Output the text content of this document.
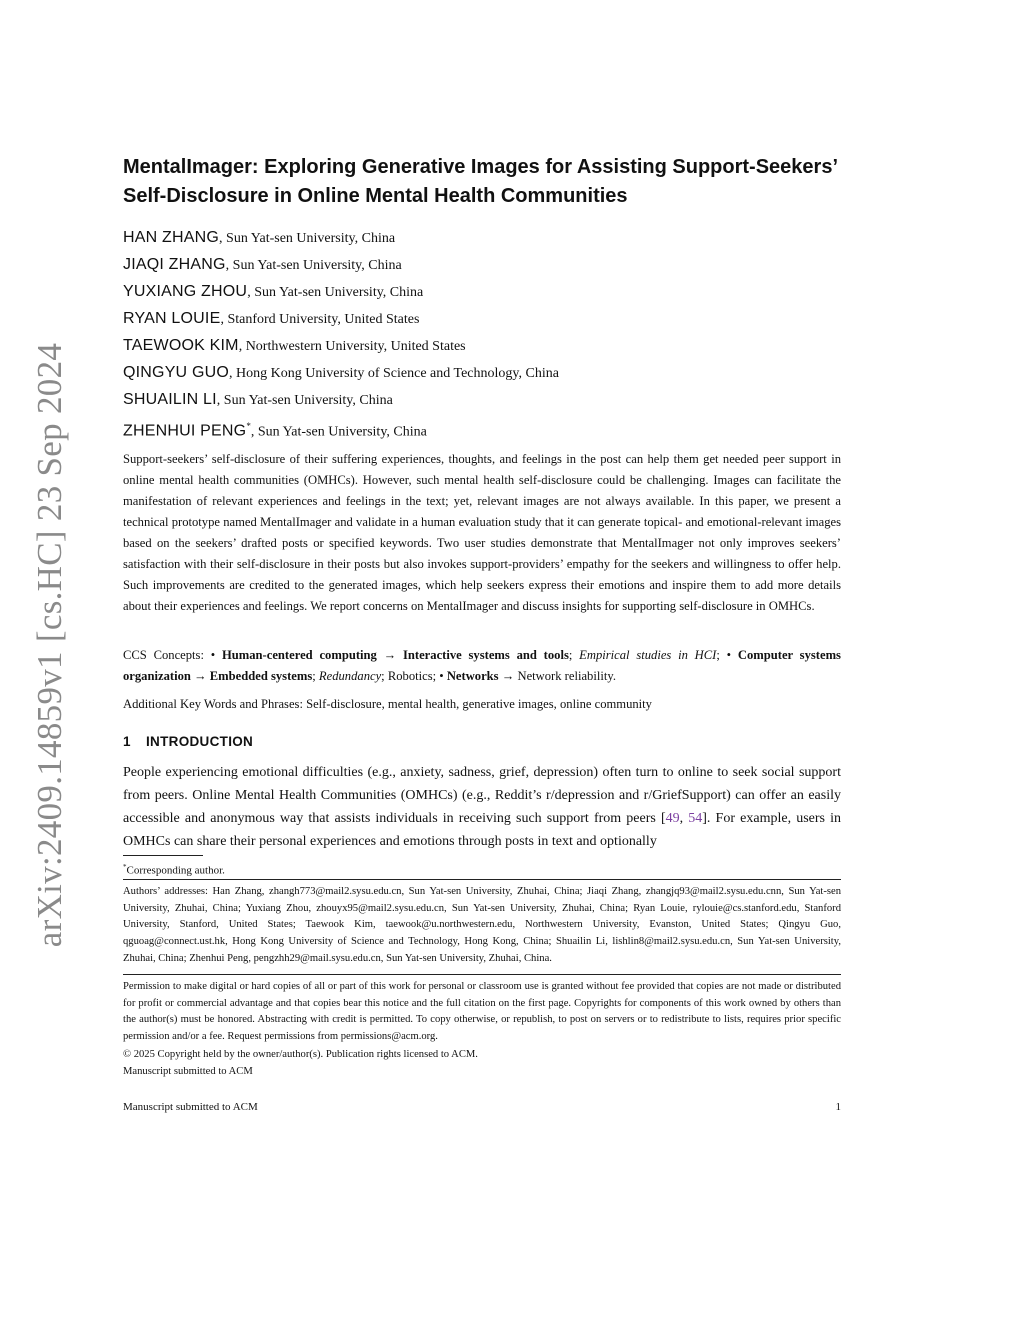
arXiv:2409.14859v1 [cs.HC] 23 Sep 2024
MentalImager: Exploring Generative Images for Assisting Support-Seekers’
Self-Disclosure in Online Mental Health Communities
HAN ZHANG, Sun Yat-sen University, China
JIAQI ZHANG, Sun Yat-sen University, China
YUXIANG ZHOU, Sun Yat-sen University, China
RYAN LOUIE, Stanford University, United States
TAEWOOK KIM, Northwestern University, United States
QINGYU GUO, Hong Kong University of Science and Technology, China
SHUAILIN LI, Sun Yat-sen University, China
ZHENHUI PENG*, Sun Yat-sen University, China

Support-seekers’ self-disclosure of their suffering experiences, thoughts, and feelings in the post can help them get needed peer support in online mental health communities (OMHCs). However, such mental health self-disclosure could be challenging. Images can facilitate the manifestation of relevant experiences and feelings in the text; yet, relevant images are not always available. In this paper, we present a technical prototype named MentalImager and validate in a human evaluation study that it can generate topical- and emotional-relevant images based on the seekers’ drafted posts or specified keywords. Two user studies demonstrate that MentalImager not only improves seekers’ satisfaction with their self-disclosure in their posts but also invokes support-providers’ empathy for the seekers and willingness to offer help. Such improvements are credited to the generated images, which help seekers express their emotions and inspire them to add more details about their experiences and feelings. We report concerns on MentalImager and discuss insights for supporting self-disclosure in OMHCs.

CCS Concepts: • Human-centered computing → Interactive systems and tools; Empirical studies in HCI; • Computer systems organization → Embedded systems; Redundancy; Robotics; • Networks → Network reliability.

Additional Key Words and Phrases: Self-disclosure, mental health, generative images, online community

1 INTRODUCTION

People experiencing emotional difficulties (e.g., anxiety, sadness, grief, depression) often turn to online to seek social support from peers. Online Mental Health Communities (OMHCs) (e.g., Reddit’s r/depression and r/GriefSupport) can offer an easily accessible and anonymous way that assists individuals in receiving such support from peers [49, 54]. For example, users in OMHCs can share their personal experiences and emotions through posts in text and optionally

*Corresponding author.

Authors’ addresses: Han Zhang, zhangh773@mail2.sysu.edu.cn, Sun Yat-sen University, Zhuhai, China; Jiaqi Zhang, zhangjq93@mail2.sysu.edu.cnn, Sun Yat-sen University, Zhuhai, China; Yuxiang Zhou, zhouyx95@mail2.sysu.edu.cn, Sun Yat-sen University, Zhuhai, China; Ryan Louie, rylouie@cs.stanford.edu, Stanford University, Stanford, United States; Taewook Kim, taewook@u.northwestern.edu, Northwestern University, Evanston, United States; Qingyu Guo, qguoag@connect.ust.hk, Hong Kong University of Science and Technology, Hong Kong, China; Shuailin Li, lishlin8@mail2.sysu.edu.cn, Sun Yat-sen University, Zhuhai, China; Zhenhui Peng, pengzhh29@mail.sysu.edu.cn, Sun Yat-sen University, Zhuhai, China.

Permission to make digital or hard copies of all or part of this work for personal or classroom use is granted without fee provided that copies are not made or distributed for profit or commercial advantage and that copies bear this notice and the full citation on the first page. Copyrights for components of this work owned by others than the author(s) must be honored. Abstracting with credit is permitted. To copy otherwise, or republish, to post on servers or to redistribute to lists, requires prior specific permission and/or a fee. Request permissions from permissions@acm.org.

© 2025 Copyright held by the owner/author(s). Publication rights licensed to ACM.

Manuscript submitted to ACM

Manuscript submitted to ACM	1
